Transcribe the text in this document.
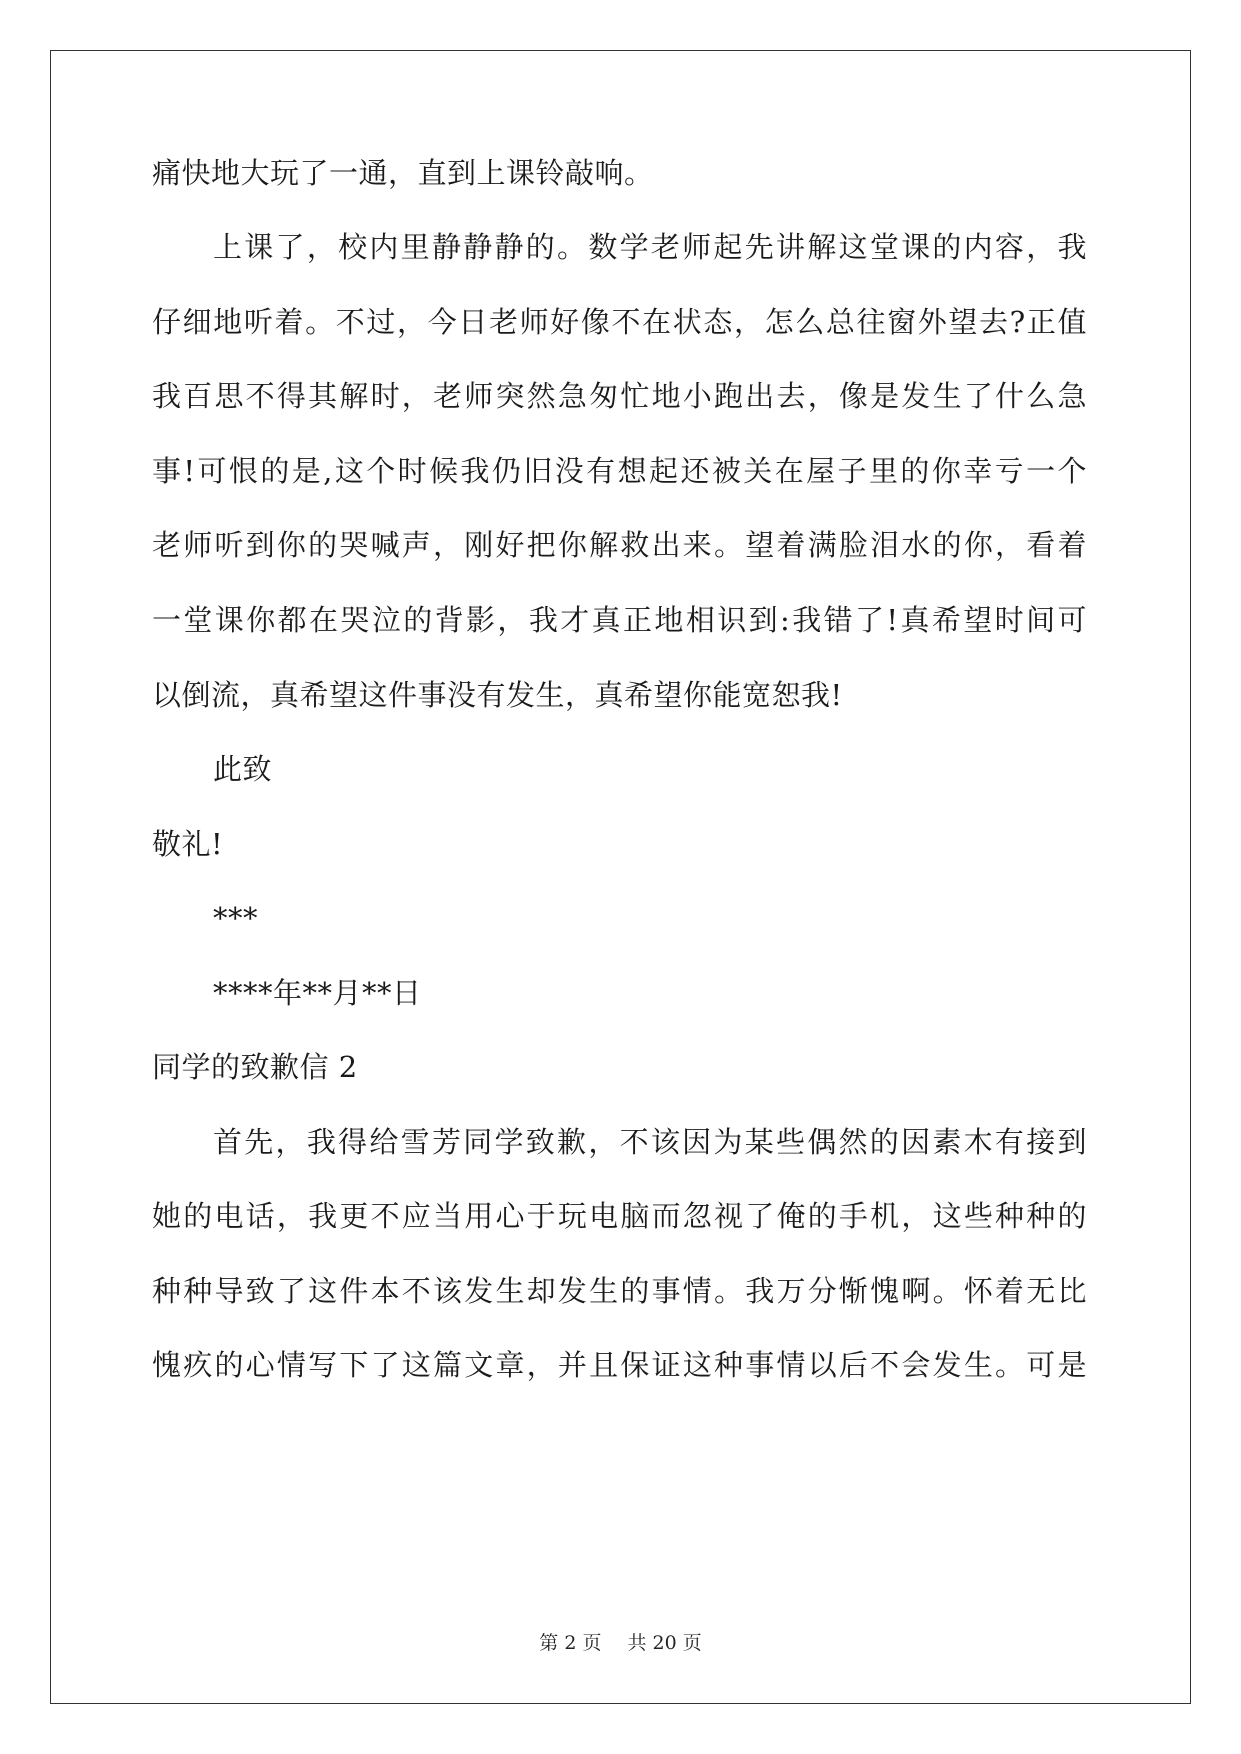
痛快地大玩了一通，直到上课铃敲响。
上课了，校内里静静静的。数学老师起先讲解这堂课的内容，我
仔细地听着。不过，今日老师好像不在状态，怎么总往窗外望去?正值
我百思不得其解时，老师突然急匆忙地小跑出去，像是发生了什么急
事!可恨的是,这个时候我仍旧没有想起还被关在屋子里的你幸亏一个
老师听到你的哭喊声，刚好把你解救出来。望着满脸泪水的你，看着
一堂课你都在哭泣的背影，我才真正地相识到:我错了!真希望时间可
以倒流，真希望这件事没有发生，真希望你能宽恕我!
此致
敬礼!
***
****年**月**日
同学的致歉信 2
首先，我得给雪芳同学致歉，不该因为某些偶然的因素木有接到
她的电话，我更不应当用心于玩电脑而忽视了俺的手机，这些种种的
种种导致了这件本不该发生却发生的事情。我万分惭愧啊。怀着无比
愧疚的心情写下了这篇文章，并且保证这种事情以后不会发生。可是
第 2 页 共 20 页
